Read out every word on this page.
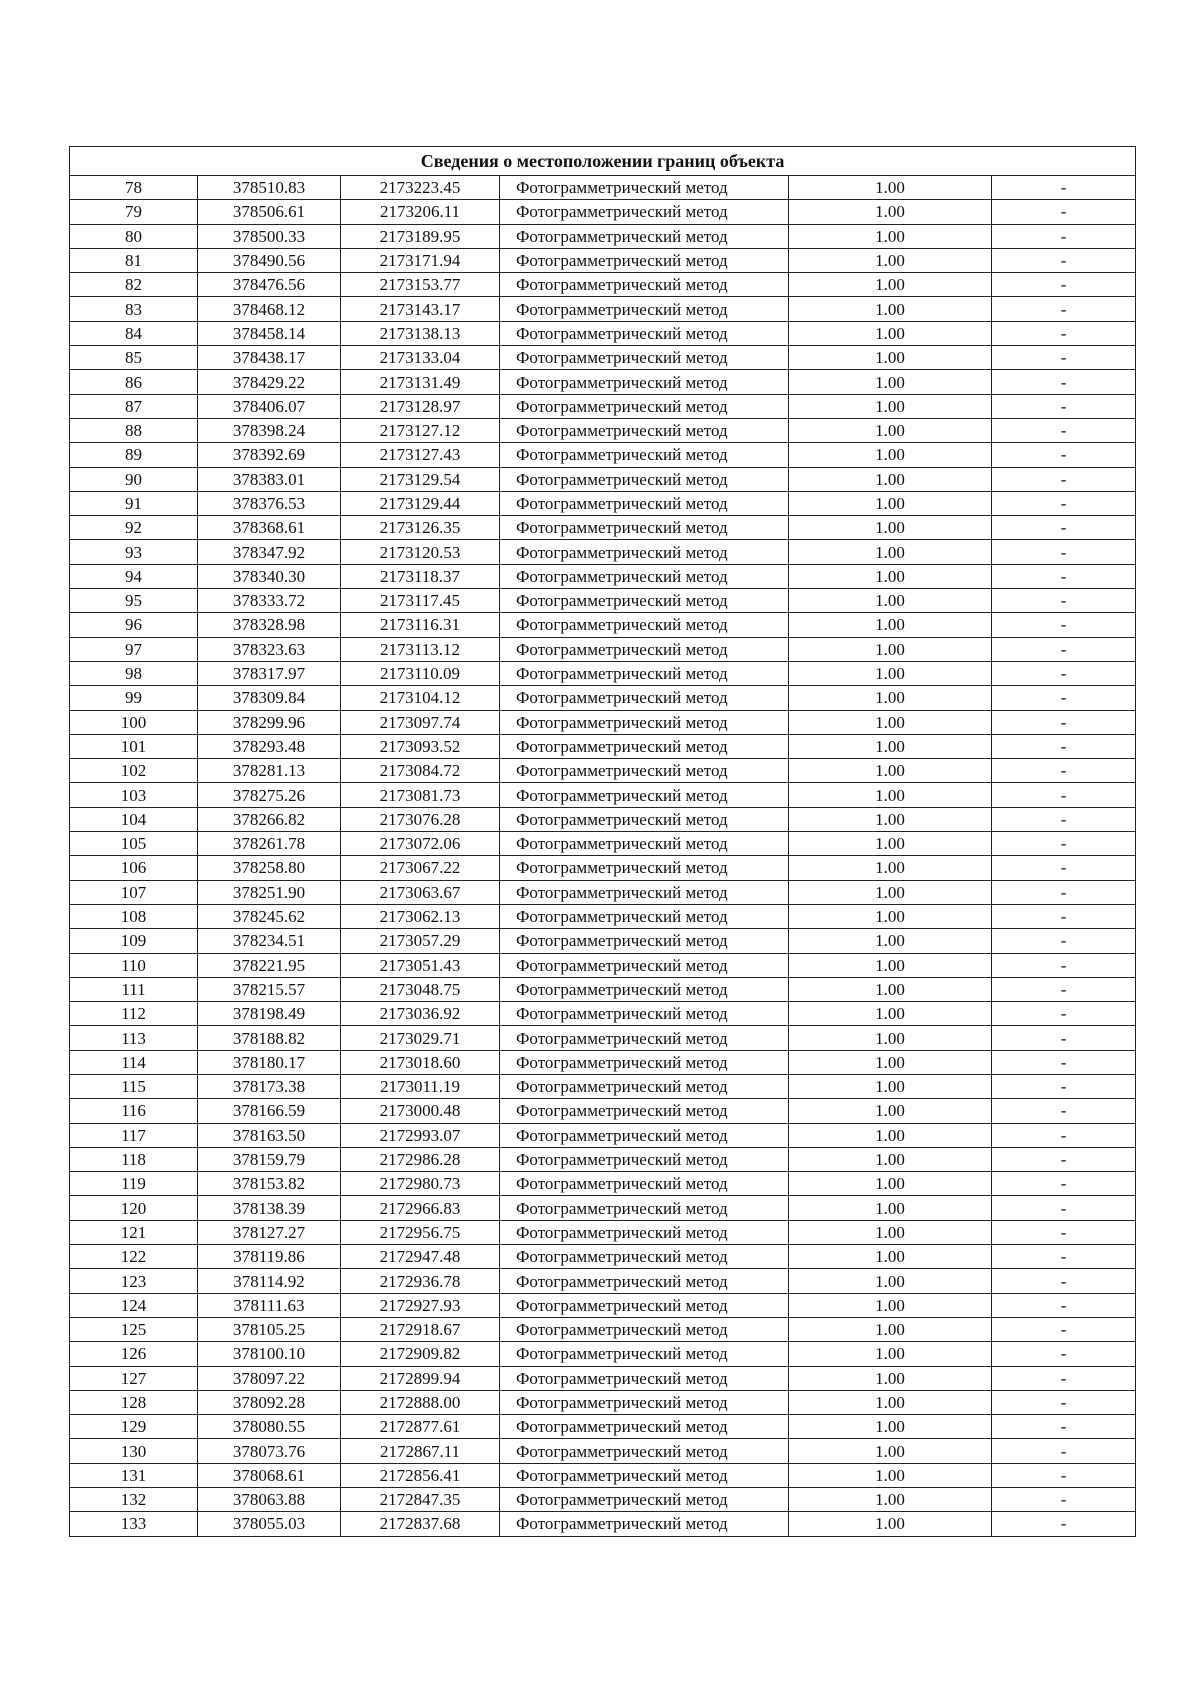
Сведения о местоположении границ объекта					
78	378510.83	2173223.45	Фотограмметрический метод	1.00	-
79	378506.61	2173206.11	Фотограмметрический метод	1.00	-
80	378500.33	2173189.95	Фотограмметрический метод	1.00	-
81	378490.56	2173171.94	Фотограмметрический метод	1.00	-
82	378476.56	2173153.77	Фотограмметрический метод	1.00	-
83	378468.12	2173143.17	Фотограмметрический метод	1.00	-
84	378458.14	2173138.13	Фотограмметрический метод	1.00	-
85	378438.17	2173133.04	Фотограмметрический метод	1.00	-
86	378429.22	2173131.49	Фотограмметрический метод	1.00	-
87	378406.07	2173128.97	Фотограмметрический метод	1.00	-
88	378398.24	2173127.12	Фотограмметрический метод	1.00	-
89	378392.69	2173127.43	Фотограмметрический метод	1.00	-
90	378383.01	2173129.54	Фотограмметрический метод	1.00	-
91	378376.53	2173129.44	Фотограмметрический метод	1.00	-
92	378368.61	2173126.35	Фотограмметрический метод	1.00	-
93	378347.92	2173120.53	Фотограмметрический метод	1.00	-
94	378340.30	2173118.37	Фотограмметрический метод	1.00	-
95	378333.72	2173117.45	Фотограмметрический метод	1.00	-
96	378328.98	2173116.31	Фотограмметрический метод	1.00	-
97	378323.63	2173113.12	Фотограмметрический метод	1.00	-
98	378317.97	2173110.09	Фотограмметрический метод	1.00	-
99	378309.84	2173104.12	Фотограмметрический метод	1.00	-
100	378299.96	2173097.74	Фотограмметрический метод	1.00	-
101	378293.48	2173093.52	Фотограмметрический метод	1.00	-
102	378281.13	2173084.72	Фотограмметрический метод	1.00	-
103	378275.26	2173081.73	Фотограмметрический метод	1.00	-
104	378266.82	2173076.28	Фотограмметрический метод	1.00	-
105	378261.78	2173072.06	Фотограмметрический метод	1.00	-
106	378258.80	2173067.22	Фотограмметрический метод	1.00	-
107	378251.90	2173063.67	Фотограмметрический метод	1.00	-
108	378245.62	2173062.13	Фотограмметрический метод	1.00	-
109	378234.51	2173057.29	Фотограмметрический метод	1.00	-
110	378221.95	2173051.43	Фотограмметрический метод	1.00	-
111	378215.57	2173048.75	Фотограмметрический метод	1.00	-
112	378198.49	2173036.92	Фотограмметрический метод	1.00	-
113	378188.82	2173029.71	Фотограмметрический метод	1.00	-
114	378180.17	2173018.60	Фотограмметрический метод	1.00	-
115	378173.38	2173011.19	Фотограмметрический метод	1.00	-
116	378166.59	2173000.48	Фотограмметрический метод	1.00	-
117	378163.50	2172993.07	Фотограмметрический метод	1.00	-
118	378159.79	2172986.28	Фотограмметрический метод	1.00	-
119	378153.82	2172980.73	Фотограмметрический метод	1.00	-
120	378138.39	2172966.83	Фотограмметрический метод	1.00	-
121	378127.27	2172956.75	Фотограмметрический метод	1.00	-
122	378119.86	2172947.48	Фотограмметрический метод	1.00	-
123	378114.92	2172936.78	Фотограмметрический метод	1.00	-
124	378111.63	2172927.93	Фотограмметрический метод	1.00	-
125	378105.25	2172918.67	Фотограмметрический метод	1.00	-
126	378100.10	2172909.82	Фотограмметрический метод	1.00	-
127	378097.22	2172899.94	Фотограмметрический метод	1.00	-
128	378092.28	2172888.00	Фотограмметрический метод	1.00	-
129	378080.55	2172877.61	Фотограмметрический метод	1.00	-
130	378073.76	2172867.11	Фотограмметрический метод	1.00	-
131	378068.61	2172856.41	Фотограмметрический метод	1.00	-
132	378063.88	2172847.35	Фотограмметрический метод	1.00	-
133	378055.03	2172837.68	Фотограмметрический метод	1.00	-
